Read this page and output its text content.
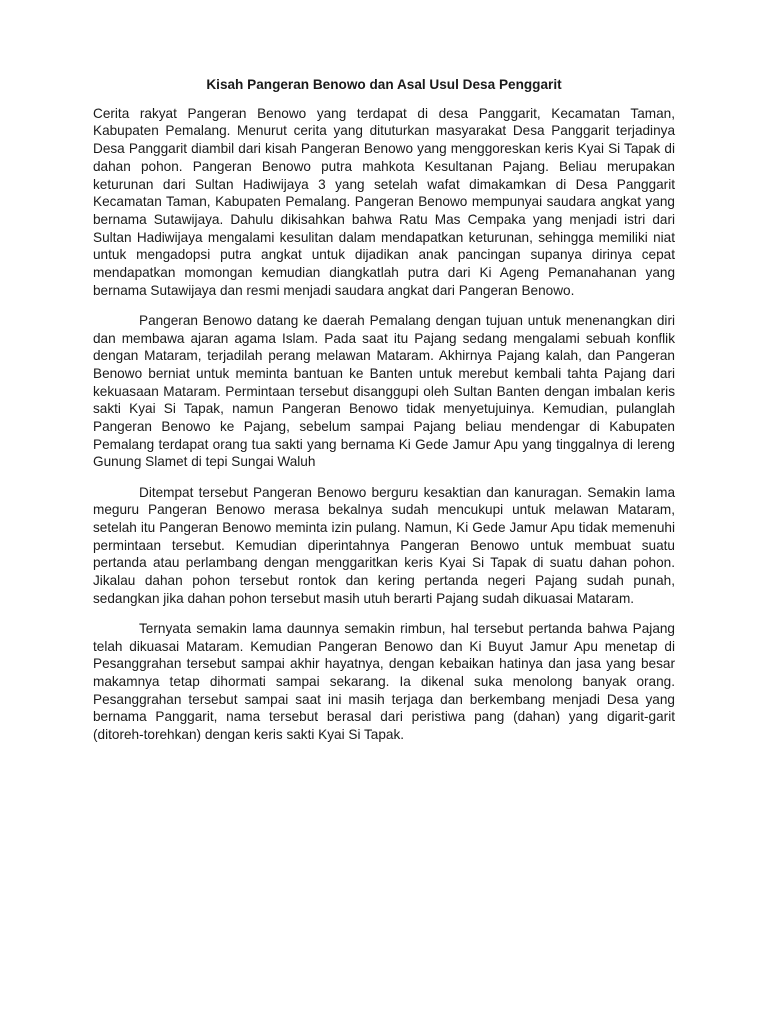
Kisah Pangeran Benowo dan Asal Usul Desa Penggarit

Cerita rakyat Pangeran Benowo yang terdapat di desa Panggarit, Kecamatan Taman, Kabupaten Pemalang. Menurut cerita yang dituturkan masyarakat Desa Panggarit terjadinya Desa Panggarit diambil dari kisah Pangeran Benowo yang menggoreskan keris Kyai Si Tapak di dahan pohon. Pangeran Benowo putra mahkota Kesultanan Pajang. Beliau merupakan keturunan dari Sultan Hadiwijaya 3 yang setelah wafat dimakamkan di Desa Panggarit Kecamatan Taman, Kabupaten Pemalang. Pangeran Benowo mempunyai saudara angkat yang bernama Sutawijaya. Dahulu dikisahkan bahwa Ratu Mas Cempaka yang menjadi istri dari Sultan Hadiwijaya mengalami kesulitan dalam mendapatkan keturunan, sehingga memiliki niat untuk mengadopsi putra angkat untuk dijadikan anak pancingan supanya dirinya cepat mendapatkan momongan kemudian diangkatlah putra dari Ki Ageng Pemanahanan yang bernama Sutawijaya dan resmi menjadi saudara angkat dari Pangeran Benowo.

Pangeran Benowo datang ke daerah Pemalang dengan tujuan untuk menenangkan diri dan membawa ajaran agama Islam. Pada saat itu Pajang sedang mengalami sebuah konflik dengan Mataram, terjadilah perang melawan Mataram. Akhirnya Pajang kalah, dan Pangeran Benowo berniat untuk meminta bantuan ke Banten untuk merebut kembali tahta Pajang dari kekuasaan Mataram. Permintaan tersebut disanggupi oleh Sultan Banten dengan imbalan keris sakti Kyai Si Tapak, namun Pangeran Benowo tidak menyetujuinya. Kemudian, pulanglah Pangeran Benowo ke Pajang, sebelum sampai Pajang beliau mendengar di Kabupaten Pemalang terdapat orang tua sakti yang bernama Ki Gede Jamur Apu yang tinggalnya di lereng Gunung Slamet di tepi Sungai Waluh

Ditempat tersebut Pangeran Benowo berguru kesaktian dan kanuragan. Semakin lama meguru Pangeran Benowo merasa bekalnya sudah mencukupi untuk melawan Mataram, setelah itu Pangeran Benowo meminta izin pulang. Namun, Ki Gede Jamur Apu tidak memenuhi permintaan tersebut. Kemudian diperintahnya Pangeran Benowo untuk membuat suatu pertanda atau perlambang dengan menggaritkan keris Kyai Si Tapak di suatu dahan pohon. Jikalau dahan pohon tersebut rontok dan kering pertanda negeri Pajang sudah punah, sedangkan jika dahan pohon tersebut masih utuh berarti Pajang sudah dikuasai Mataram.

Ternyata semakin lama daunnya semakin rimbun, hal tersebut pertanda bahwa Pajang telah dikuasai Mataram. Kemudian Pangeran Benowo dan Ki Buyut Jamur Apu menetap di Pesanggrahan tersebut sampai akhir hayatnya, dengan kebaikan hatinya dan jasa yang besar makamnya tetap dihormati sampai sekarang. Ia dikenal suka menolong banyak orang. Pesanggrahan tersebut sampai saat ini masih terjaga dan berkembang menjadi Desa yang bernama Panggarit, nama tersebut berasal dari peristiwa pang (dahan) yang digarit-garit (ditoreh-torehkan) dengan keris sakti Kyai Si Tapak.
